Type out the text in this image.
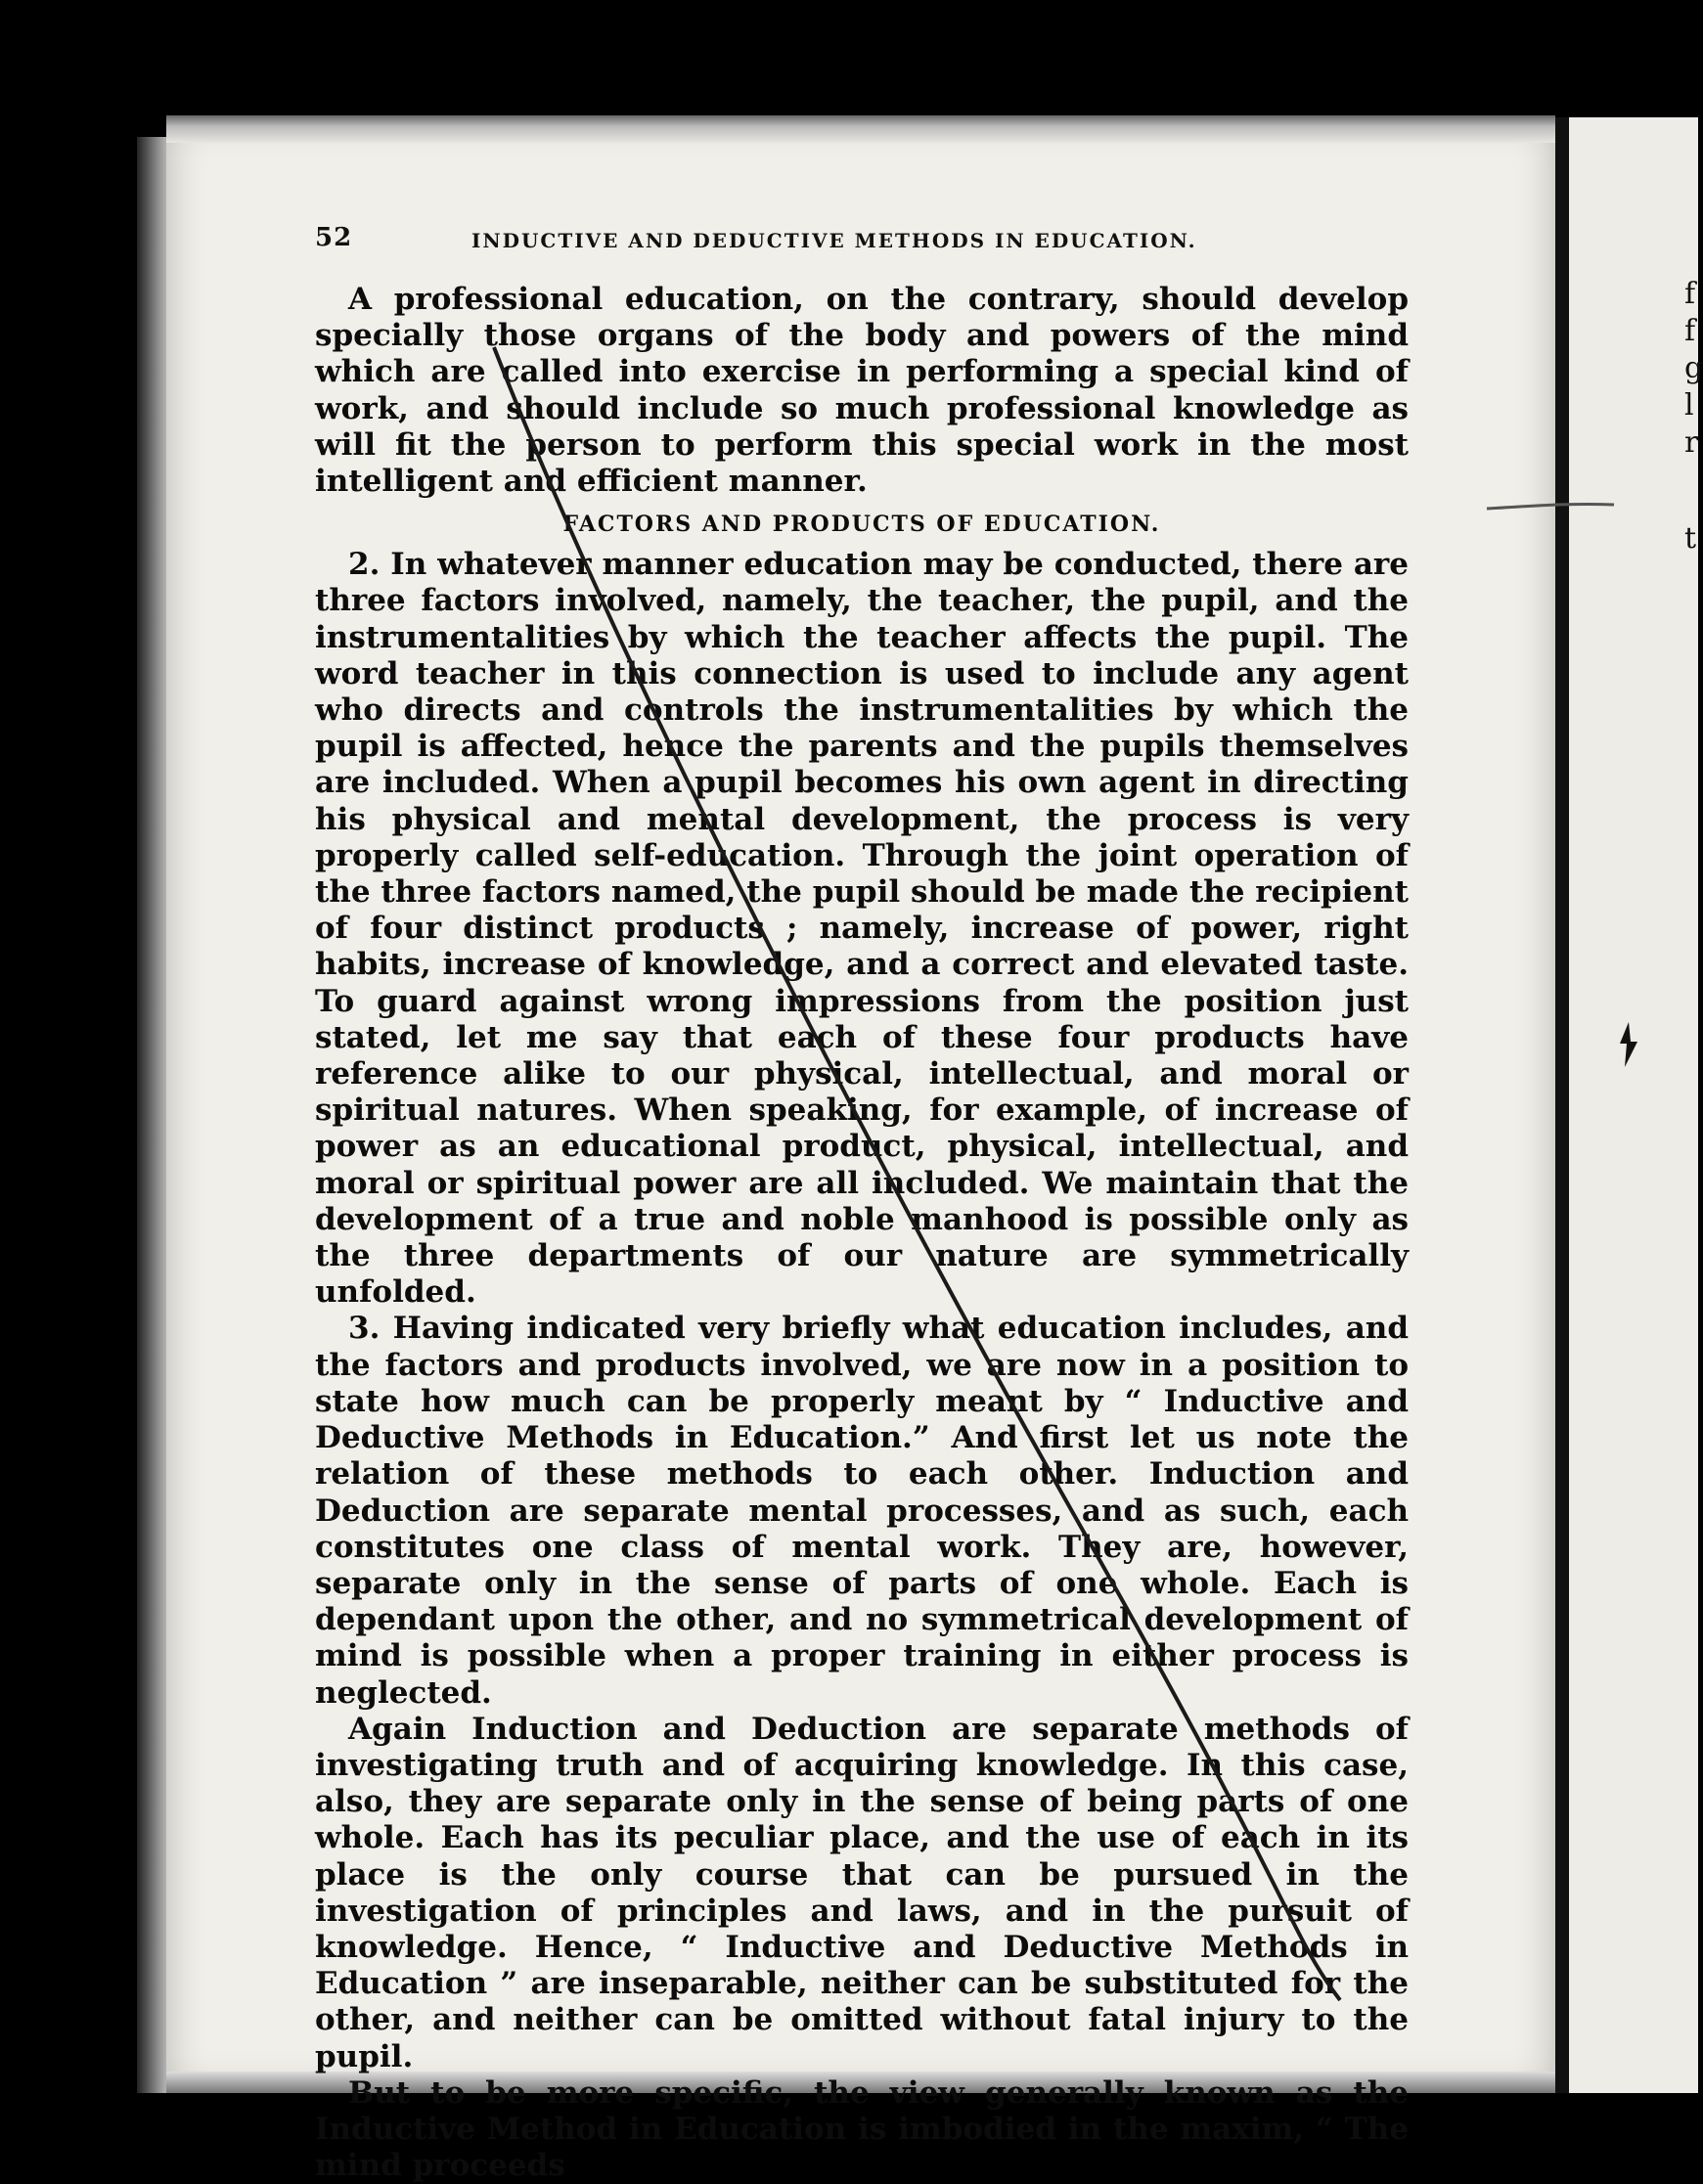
f
f
g
l
r
t
52	INDUCTIVE AND DEDUCTIVE METHODS IN EDUCATION.

A professional education, on the contrary, should develop specially those organs of the body and powers of the mind which are called into exercise in performing a special kind of work, and should include so much professional knowledge as will fit the person to perform this special work in the most intelligent and efficient manner.

FACTORS AND PRODUCTS OF EDUCATION.

2. In whatever manner education may be conducted, there are three factors involved, namely, the teacher, the pupil, and the instrumentalities by which the teacher affects the pupil. The word teacher in this connection is used to include any agent who directs and controls the instrumentalities by which the pupil is affected, hence the parents and the pupils themselves are included. When a pupil becomes his own agent in directing his physical and mental development, the process is very properly called self-education. Through the joint operation of the three factors named, the pupil should be made the recipient of four distinct products ; namely, increase of power, right habits, increase of knowledge, and a correct and elevated taste. To guard against wrong impressions from the position just stated, let me say that each of these four products have reference alike to our physical, intellectual, and moral or spiritual natures. When speaking, for example, of increase of power as an educational product, physical, intellectual, and moral or spiritual power are all included. We maintain that the development of a true and noble manhood is possible only as the three departments of our nature are symmetrically unfolded.

3. Having indicated very briefly what education includes, and the factors and products involved, we are now in a position to state how much can be properly meant by “ Inductive and Deductive Methods in Education.” And first let us note the relation of these methods to each other. Induction and Deduction are separate mental processes, and as such, each constitutes one class of mental work. They are, however, separate only in the sense of parts of one whole. Each is dependant upon the other, and no symmetrical development of mind is possible when a proper training in either process is neglected.

Again Induction and Deduction are separate methods of investigating truth and of acquiring knowledge. In this case, also, they are separate only in the sense of being parts of one whole. Each has its peculiar place, and the use of each in its place is the only course that can be pursued in the investigation of principles and laws, and in the pursuit of knowledge. Hence, “ Inductive and Deductive Methods in Education ” are inseparable, neither can be substituted for the other, and neither can be omitted without fatal injury to the pupil.

But to be more specific, the view generally known as the Inductive Method in Education is imbodied in the maxim, “ The mind proceeds
